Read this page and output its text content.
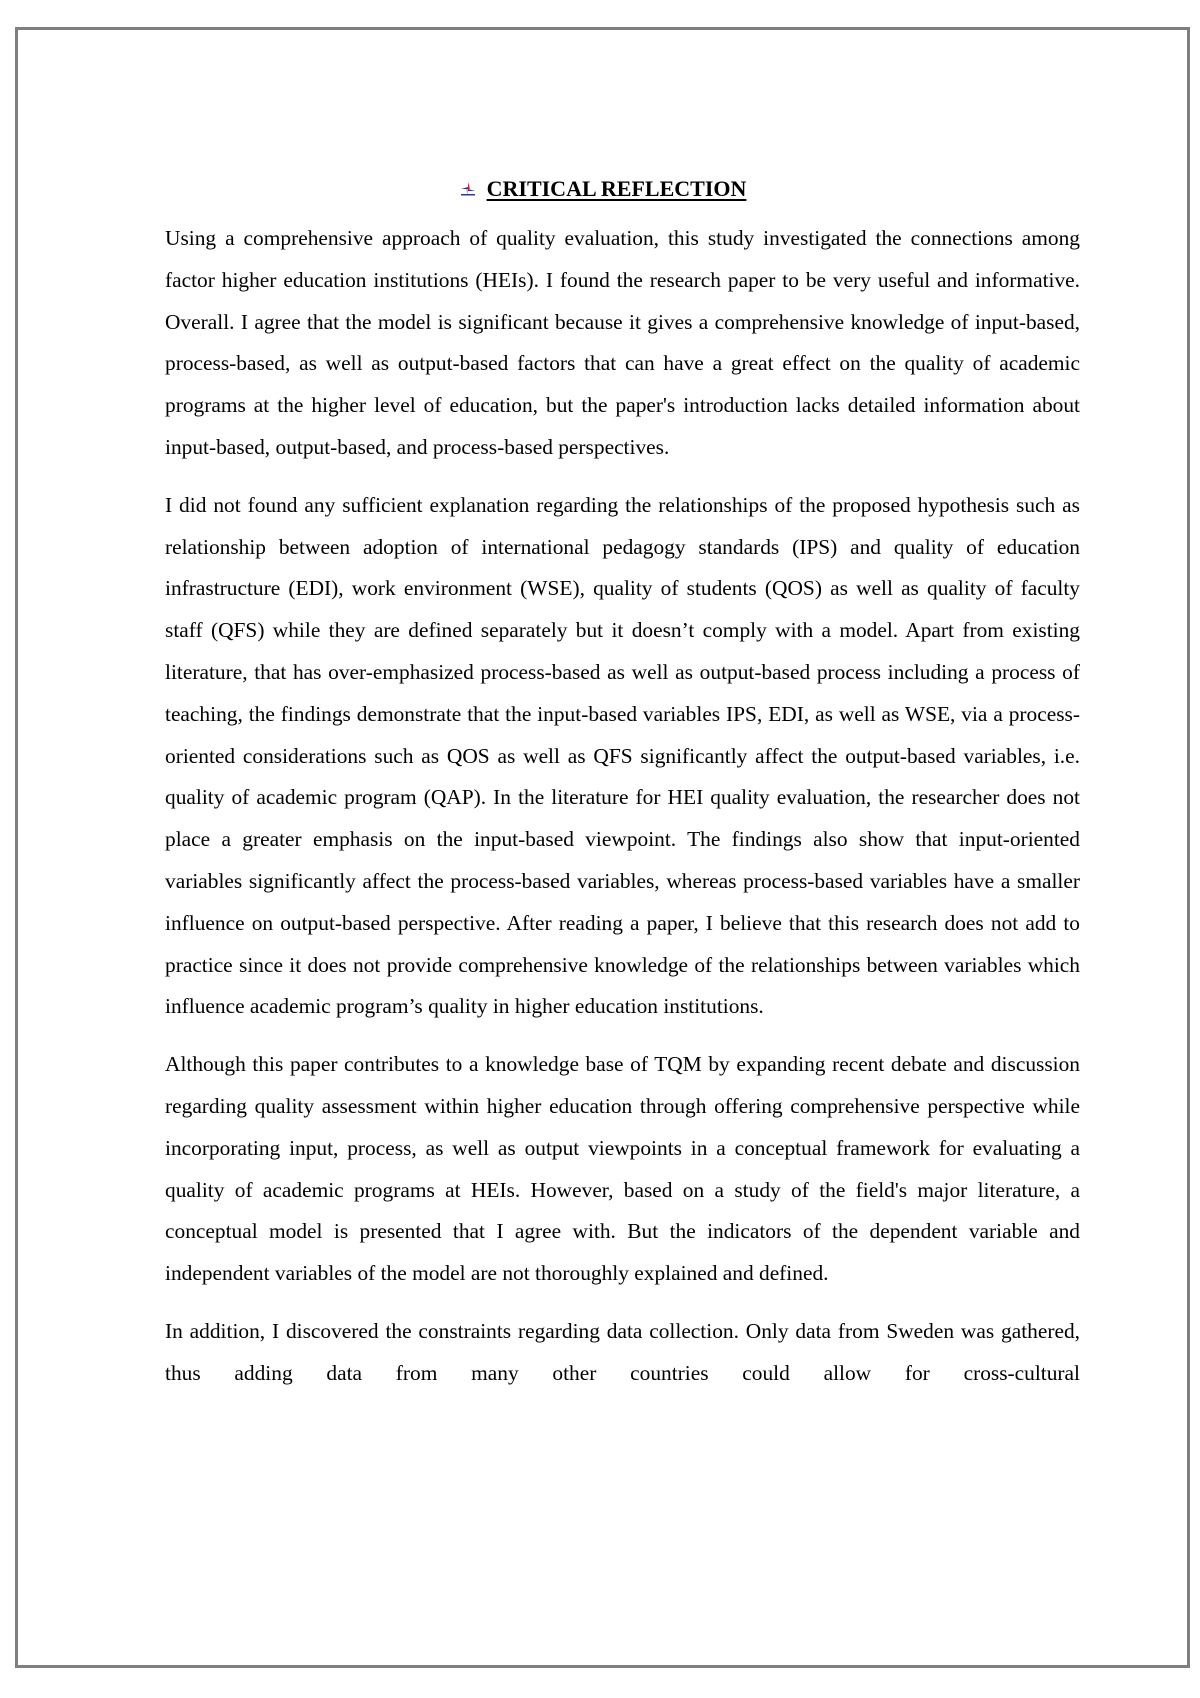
CRITICAL REFLECTION

Using a comprehensive approach of quality evaluation, this study investigated the connections among factor higher education institutions (HEIs). I found the research paper to be very useful and informative. Overall. I agree that the model is significant because it gives a comprehensive knowledge of input-based, process-based, as well as output-based factors that can have a great effect on the quality of academic programs at the higher level of education, but the paper's introduction lacks detailed information about input-based, output-based, and process-based perspectives.

I did not found any sufficient explanation regarding the relationships of the proposed hypothesis such as relationship between adoption of international pedagogy standards (IPS) and quality of education infrastructure (EDI), work environment (WSE), quality of students (QOS) as well as quality of faculty staff (QFS) while they are defined separately but it doesn’t comply with a model. Apart from existing literature, that has over-emphasized process-based as well as output-based process including a process of teaching, the findings demonstrate that the input-based variables IPS, EDI, as well as WSE, via a process-oriented considerations such as QOS as well as QFS significantly affect the output-based variables, i.e. quality of academic program (QAP). In the literature for HEI quality evaluation, the researcher does not place a greater emphasis on the input-based viewpoint. The findings also show that input-oriented variables significantly affect the process-based variables, whereas process-based variables have a smaller influence on output-based perspective. After reading a paper, I believe that this research does not add to practice since it does not provide comprehensive knowledge of the relationships between variables which influence academic program’s quality in higher education institutions.

Although this paper contributes to a knowledge base of TQM by expanding recent debate and discussion regarding quality assessment within higher education through offering comprehensive perspective while incorporating input, process, as well as output viewpoints in a conceptual framework for evaluating a quality of academic programs at HEIs. However, based on a study of the field's major literature, a conceptual model is presented that I agree with. But the indicators of the dependent variable and independent variables of the model are not thoroughly explained and defined.

In addition, I discovered the constraints regarding data collection. Only data from Sweden was gathered, thus adding data from many other countries could allow for cross-cultural
